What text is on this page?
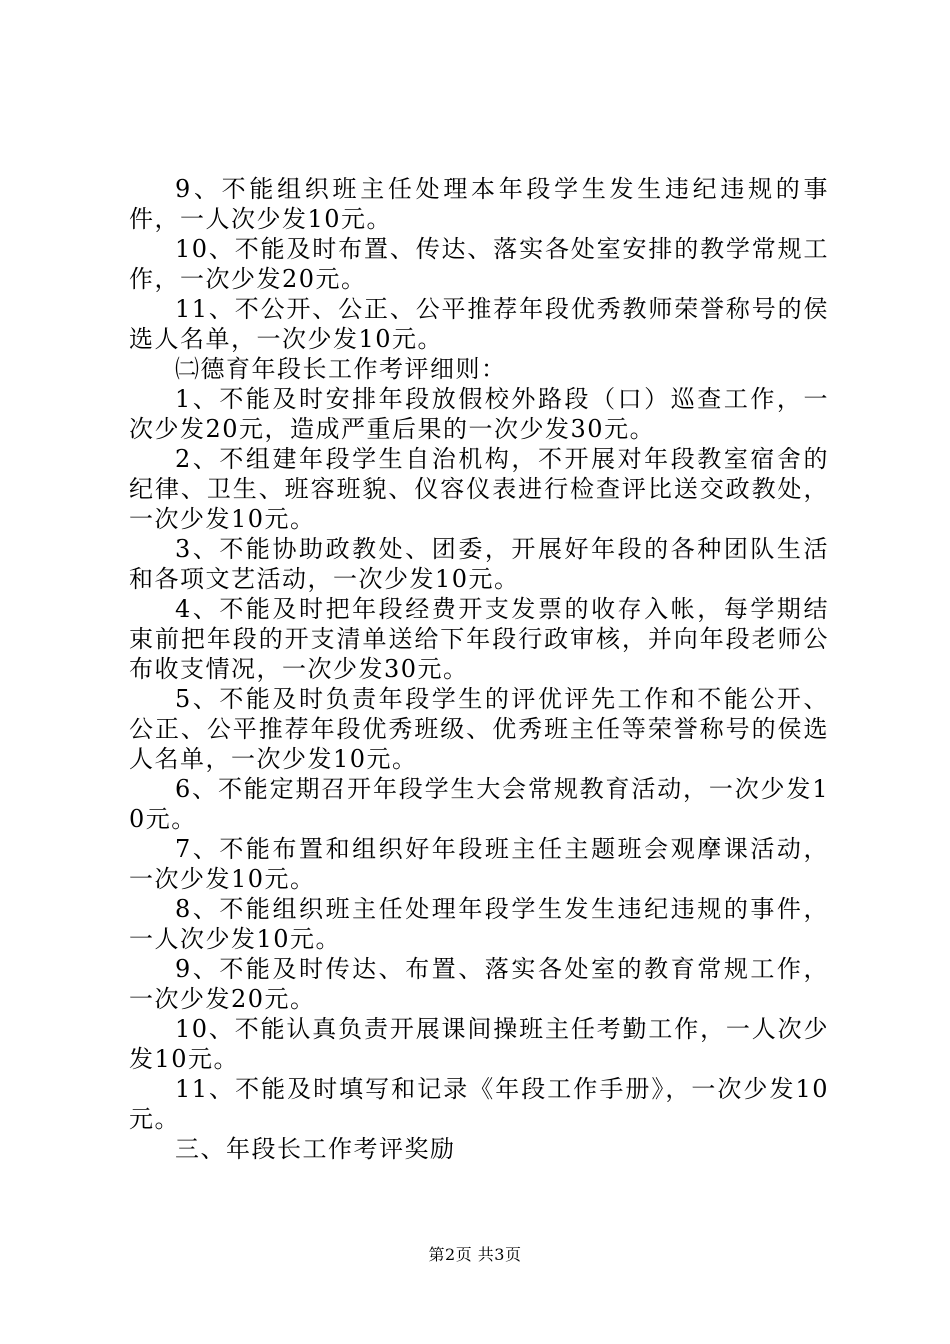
9、不能组织班主任处理本年段学生发生违纪违规的事件，一人次少发10元。

10、不能及时布置、传达、落实各处室安排的教学常规工作，一次少发20元。

11、不公开、公正、公平推荐年段优秀教师荣誉称号的侯选人名单，一次少发10元。

㈡德育年段长工作考评细则：

1、不能及时安排年段放假校外路段（口）巡查工作，一次少发20元，造成严重后果的一次少发30元。

2、不组建年段学生自治机构，不开展对年段教室宿舍的纪律、卫生、班容班貌、仪容仪表进行检查评比送交政教处，一次少发10元。

3、不能协助政教处、团委，开展好年段的各种团队生活和各项文艺活动，一次少发10元。

4、不能及时把年段经费开支发票的收存入帐，每学期结束前把年段的开支清单送给下年段行政审核，并向年段老师公布收支情况，一次少发30元。

5、不能及时负责年段学生的评优评先工作和不能公开、公正、公平推荐年段优秀班级、优秀班主任等荣誉称号的侯选人名单，一次少发10元。

6、不能定期召开年段学生大会常规教育活动，一次少发10元。

7、不能布置和组织好年段班主任主题班会观摩课活动，一次少发10元。

8、不能组织班主任处理年段学生发生违纪违规的事件，一人次少发10元。

9、不能及时传达、布置、落实各处室的教育常规工作，一次少发20元。

10、不能认真负责开展课间操班主任考勤工作，一人次少发10元。

11、不能及时填写和记录《年段工作手册》，一次少发10元。

三、年段长工作考评奖励

第2页 共3页
